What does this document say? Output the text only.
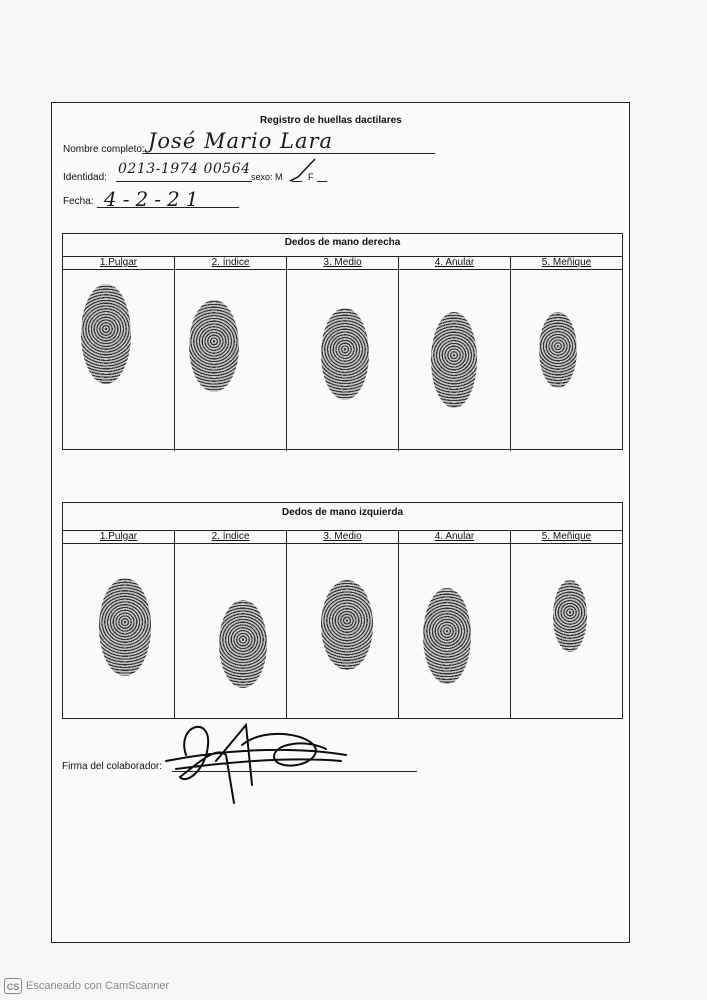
Registro de huellas dactilares
Nombre completo: José Mario Lara
Identidad:
0213-1974 00564 sexo: M	F
Fecha: 4-2-21
Dedos de mano derecha
1.Pulgar	2. índice	3. Medio	4. Anular	5. Meñique
Dedos de mano izquierda
1.Pulgar	2. índice	3. Medio	4. Anular	5. Meñique
Firma del colaborador:
CS Escaneado con CamScanner
